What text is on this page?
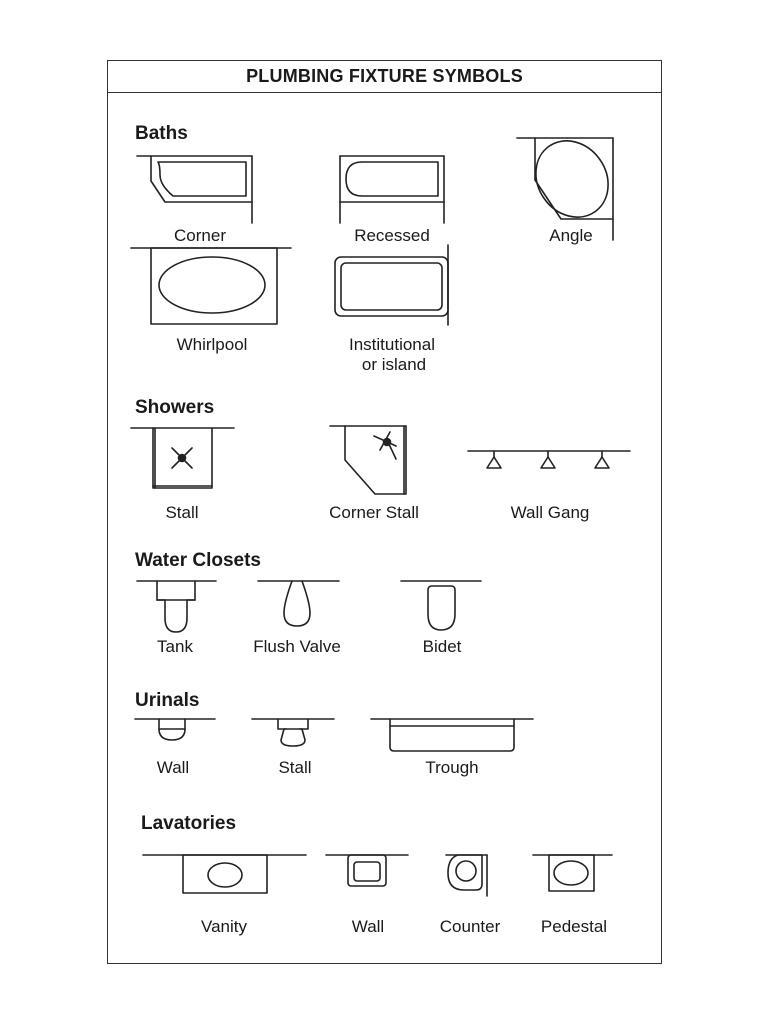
PLUMBING FIXTURE SYMBOLS
Baths
Showers
Water Closets
Urinals
Lavatories
Corner	Recessed	Angle
Whirlpool	Institutional
or island
Stall	Corner Stall	Wall Gang
Tank	Flush Valve	Bidet
Wall	Stall	Trough
Vanity	Wall	Counter Pedestal
